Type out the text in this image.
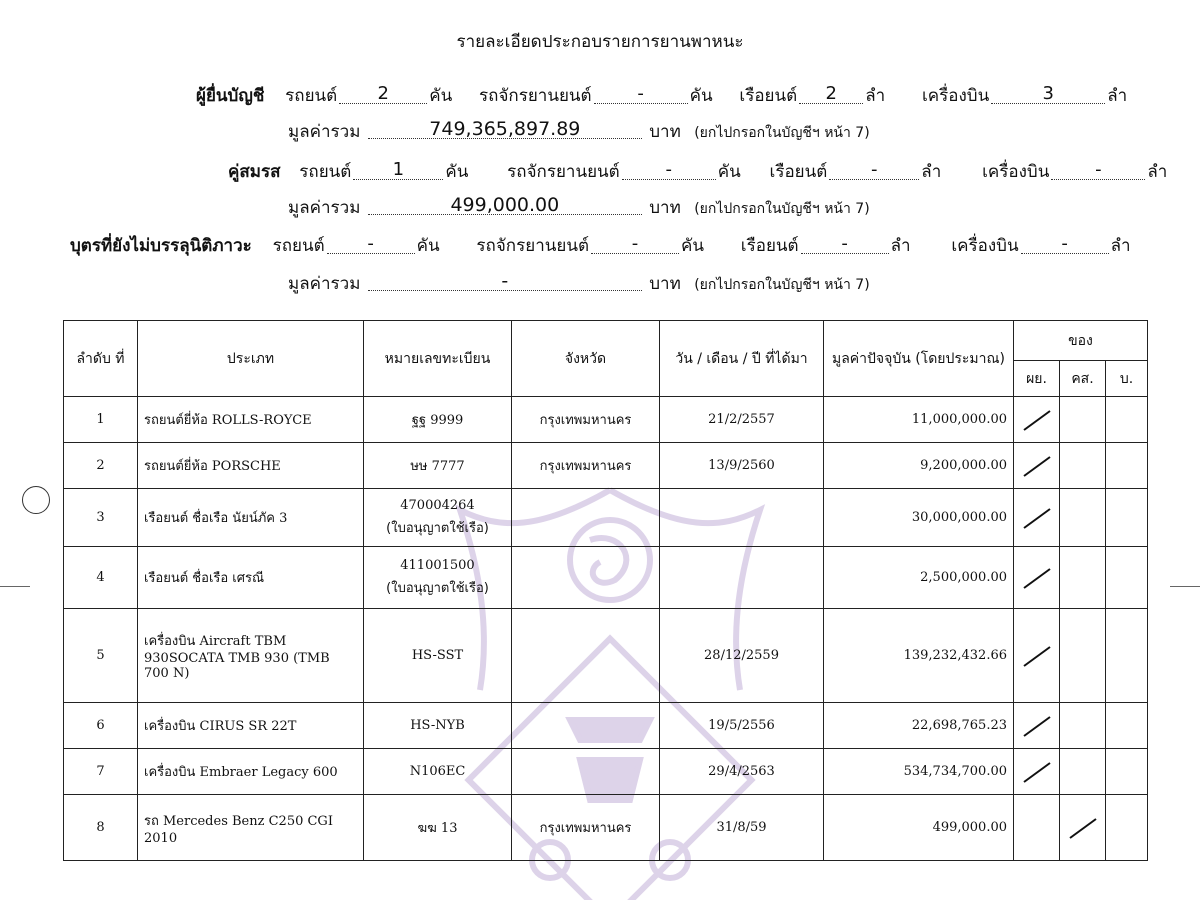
รายละเอียดประกอบรายการยานพาหนะ
ผู้ยื่นบัญชี รถยนต์ 2 คัน รถจักรยานยนต์	-	คัน เรือยนต์ 2 ลำ เครื่องบิน	3	ลำ
มูลค่ารวม	749,365,897.89	บาท (ยกไปกรอกในบัญชีฯ หน้า 7)
คู่สมรส รถยนต์ 1 คัน รถจักรยานยนต์	-	คัน เรือยนต์ -	ลำ เครื่องบิน	-	ลำ
มูลค่ารวม	499,000.00	บาท (ยกไปกรอกในบัญชีฯ หน้า 7)
บุตรที่ยังไม่บรรลุนิติภาวะ รถยนต์ -	คัน รถจักรยานยนต์ -	คัน เรือยนต์ -	ลำ เครื่องบิน -	ลำ
มูลค่ารวม	-	บาท (ยกไปกรอกในบัญชีฯ หน้า 7)
ลำดับ ที่	ประเภท	หมายเลขทะเบียน	จังหวัด	วัน / เดือน / ปี ที่ได้มา	มูลค่าปัจจุบัน (โดยประมาณ)	ของ		
						ผย.	คส.	บ.
1	รถยนต์ยี่ห้อ ROLLS-ROYCE	ฐฐ 9999	กรุงเทพมหานคร	21/2/2557	11,000,000.00	

2	รถยนต์ยี่ห้อ PORSCHE	ษษ 7777	กรุงเทพมหานคร	13/9/2560	9,200,000.00	

3	เรือยนต์ ชื่อเรือ นัยน์ภัค 3	470004264
(ใบอนุญาตใช้เรือ)			30,000,000.00	

4	เรือยนต์ ชื่อเรือ เศรณี	411001500
(ใบอนุญาตใช้เรือ)			2,500,000.00	

5	เครื่องบิน Aircraft TBM 930SOCATA TMB 930 (TMB 700 N)	HS-SST		28/12/2559	139,232,432.66	

6	เครื่องบิน CIRUS SR 22T	HS-NYB		19/5/2556	22,698,765.23	

7	เครื่องบิน Embraer Legacy 600	N106EC		29/4/2563	534,734,700.00	

8	รถ Mercedes Benz C250 CGI 2010	ฆฆ 13	กรุงเทพมหานคร	31/8/59	499,000.00		
